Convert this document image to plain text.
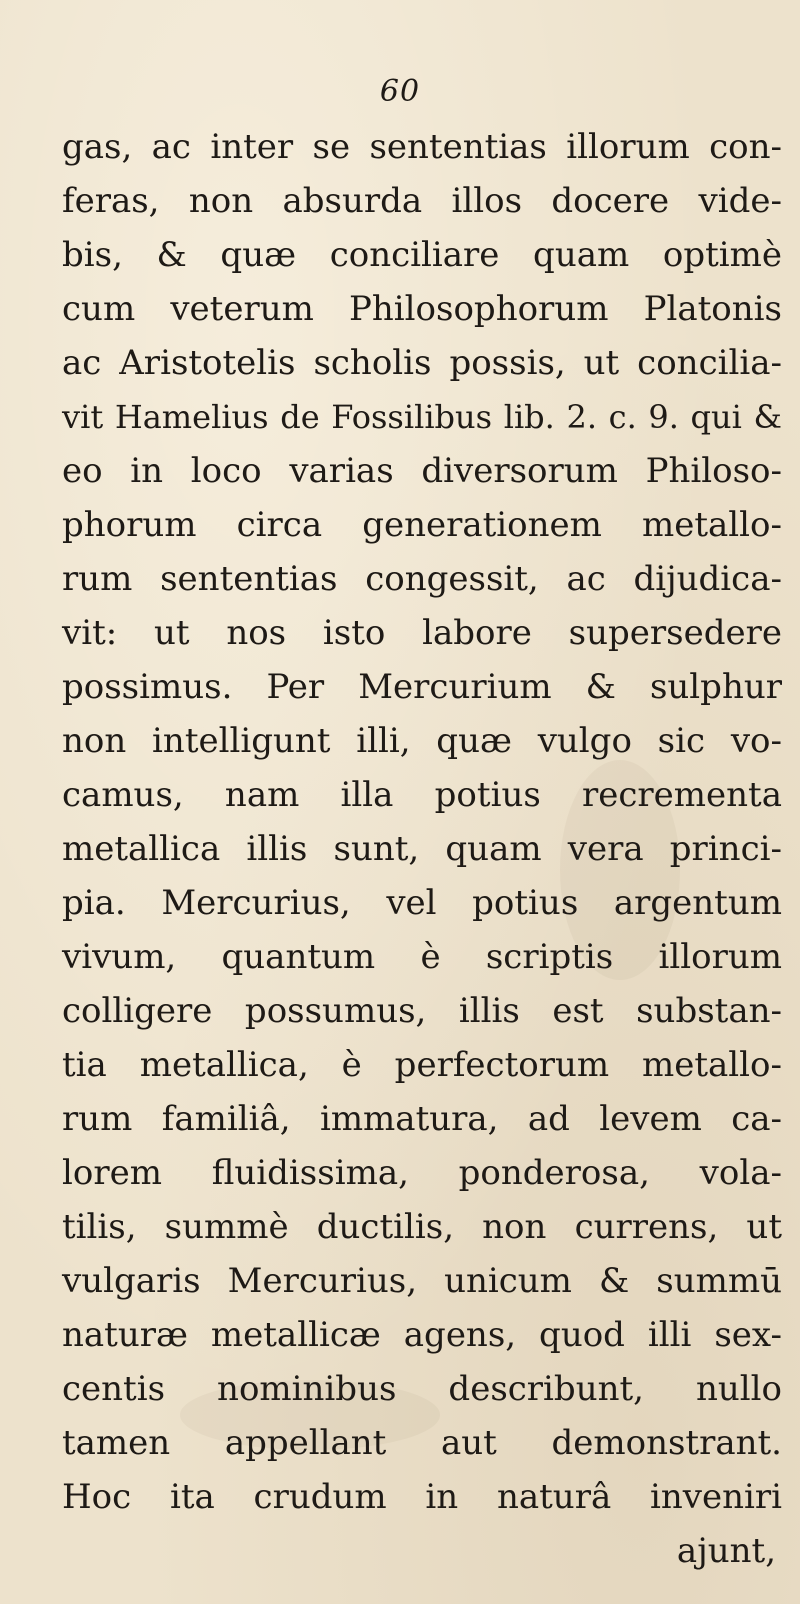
60
gas, ac inter se sententias illorum con-
feras, non absurda illos docere vide-
bis, & quæ conciliare quam optimè
cum veterum Philosophorum Platonis
ac Aristotelis scholis possis, ut concilia-
vit Hamelius de Fossilibus lib. 2. c. 9. qui &
eo in loco varias diversorum Philoso-
phorum circa generationem metallo-
rum sententias congessit, ac dijudica-
vit: ut nos isto labore supersedere
possimus. Per Mercurium & sulphur
non intelligunt illi, quæ vulgo sic vo-
camus, nam illa potius recrementa
metallica illis sunt, quam vera princi-
pia. Mercurius, vel potius argentum
vivum, quantum è scriptis illorum
colligere possumus, illis est substan-
tia metallica, è perfectorum metallo-
rum familiâ, immatura, ad levem ca-
lorem fluidissima, ponderosa, vola-
tilis, summè ductilis, non currens, ut
vulgaris Mercurius, unicum & summū
naturæ metallicæ agens, quod illi sex-
centis nominibus describunt, nullo
tamen appellant aut demonstrant.
Hoc ita crudum in naturâ inveniri
ajunt,
